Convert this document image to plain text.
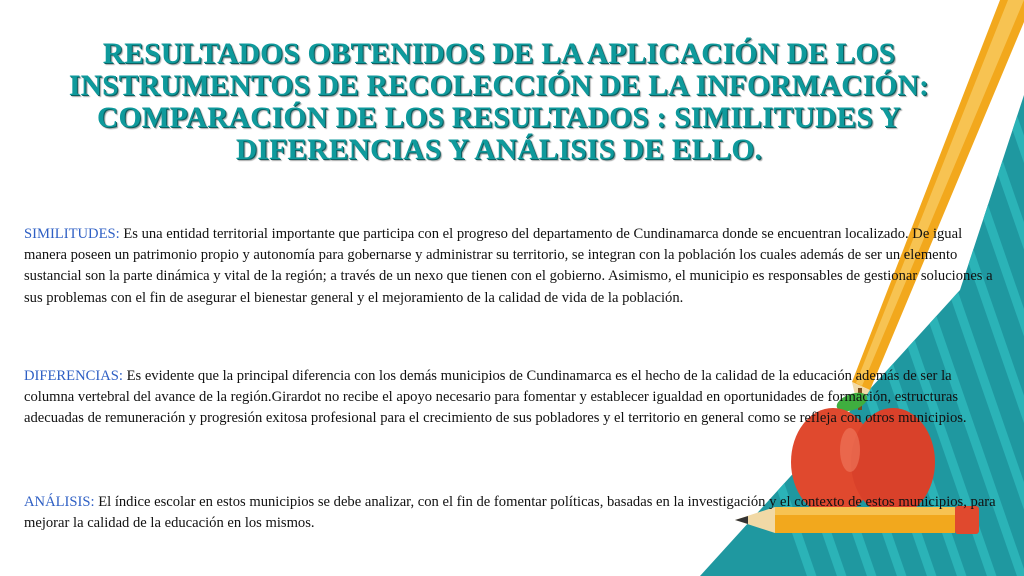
RESULTADOS OBTENIDOS DE LA APLICACIÓN DE LOS INSTRUMENTOS DE RECOLECCIÓN DE LA INFORMACIÓN: COMPARACIÓN DE LOS RESULTADOS : SIMILITUDES Y DIFERENCIAS Y ANÁLISIS DE ELLO.

SIMILITUDES: Es una entidad territorial importante que participa con el progreso del departamento de Cundinamarca donde se encuentran localizado. De igual manera poseen un patrimonio propio y autonomía para gobernarse y administrar su territorio, se integran con la población los cuales además de ser un elemento sustancial son la parte dinámica y vital de la región; a través de un nexo que tienen con el gobierno. Asimismo, el municipio es responsables de gestionar soluciones a sus problemas con el fin de asegurar el bienestar general y el mejoramiento de la calidad de vida de la población.

DIFERENCIAS: Es evidente que la principal diferencia con los demás municipios de Cundinamarca es el hecho de la calidad de la educación además de ser la columna vertebral del avance de la región.Girardot no recibe el apoyo necesario para fomentar y establecer igualdad en oportunidades de formación, estructuras adecuadas de remuneración y progresión exitosa profesional para el crecimiento de sus pobladores y el territorio en general como se refleja con otros municipios.

ANÁLISIS: El índice escolar en estos municipios se debe analizar, con el fin de fomentar políticas, basadas en la investigación y el contexto de estos municipios, para mejorar la calidad de la educación en los mismos.
